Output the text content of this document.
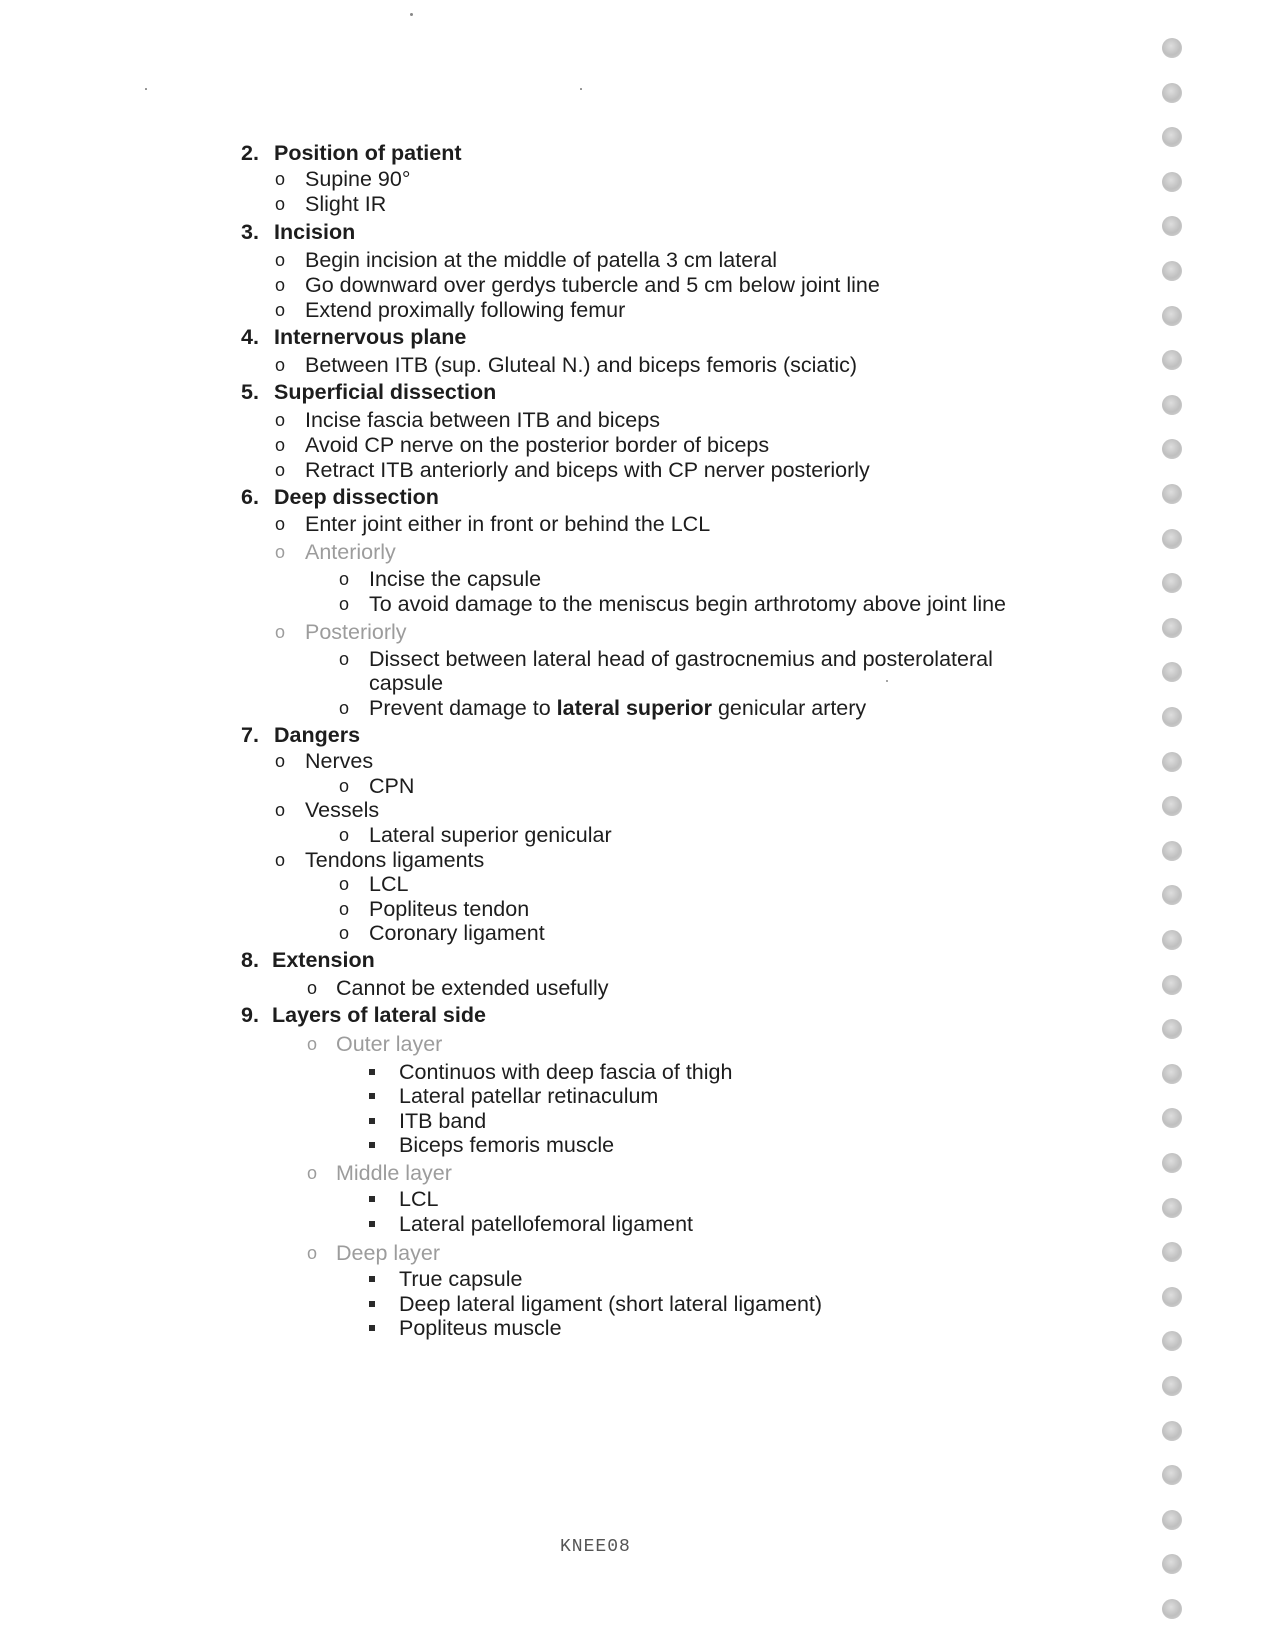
KNEE08
2. Position of patient
o Supine 90°
o Slight IR
3. Incision
o Begin incision at the middle of patella 3 cm lateral
o Go downward over gerdys tubercle and 5 cm below joint line
o Extend proximally following femur
4. Internervous plane
o Between ITB (sup. Gluteal N.) and biceps femoris (sciatic)
5. Superficial dissection
o Incise fascia between ITB and biceps
o Avoid CP nerve on the posterior border of biceps
o Retract ITB anteriorly and biceps with CP nerver posteriorly
6. Deep dissection
o Enter joint either in front or behind the LCL
o Anteriorly
o Incise the capsule
o To avoid damage to the meniscus begin arthrotomy above joint line
o Posteriorly
o Dissect between lateral head of gastrocnemius and posterolateral
capsule
o Prevent damage to lateral superior genicular artery
7. Dangers
o Nerves
o CPN
o Vessels
o Lateral superior genicular
o Tendons ligaments
o LCL
o Popliteus tendon
o Coronary ligament
8. Extension
o Cannot be extended usefully
9. Layers of lateral side
o Outer layer
Continuos with deep fascia of thigh
Lateral patellar retinaculum
ITB band
Biceps femoris muscle
o Middle layer
LCL
Lateral patellofemoral ligament
o Deep layer
True capsule
Deep lateral ligament (short lateral ligament)
Popliteus muscle
